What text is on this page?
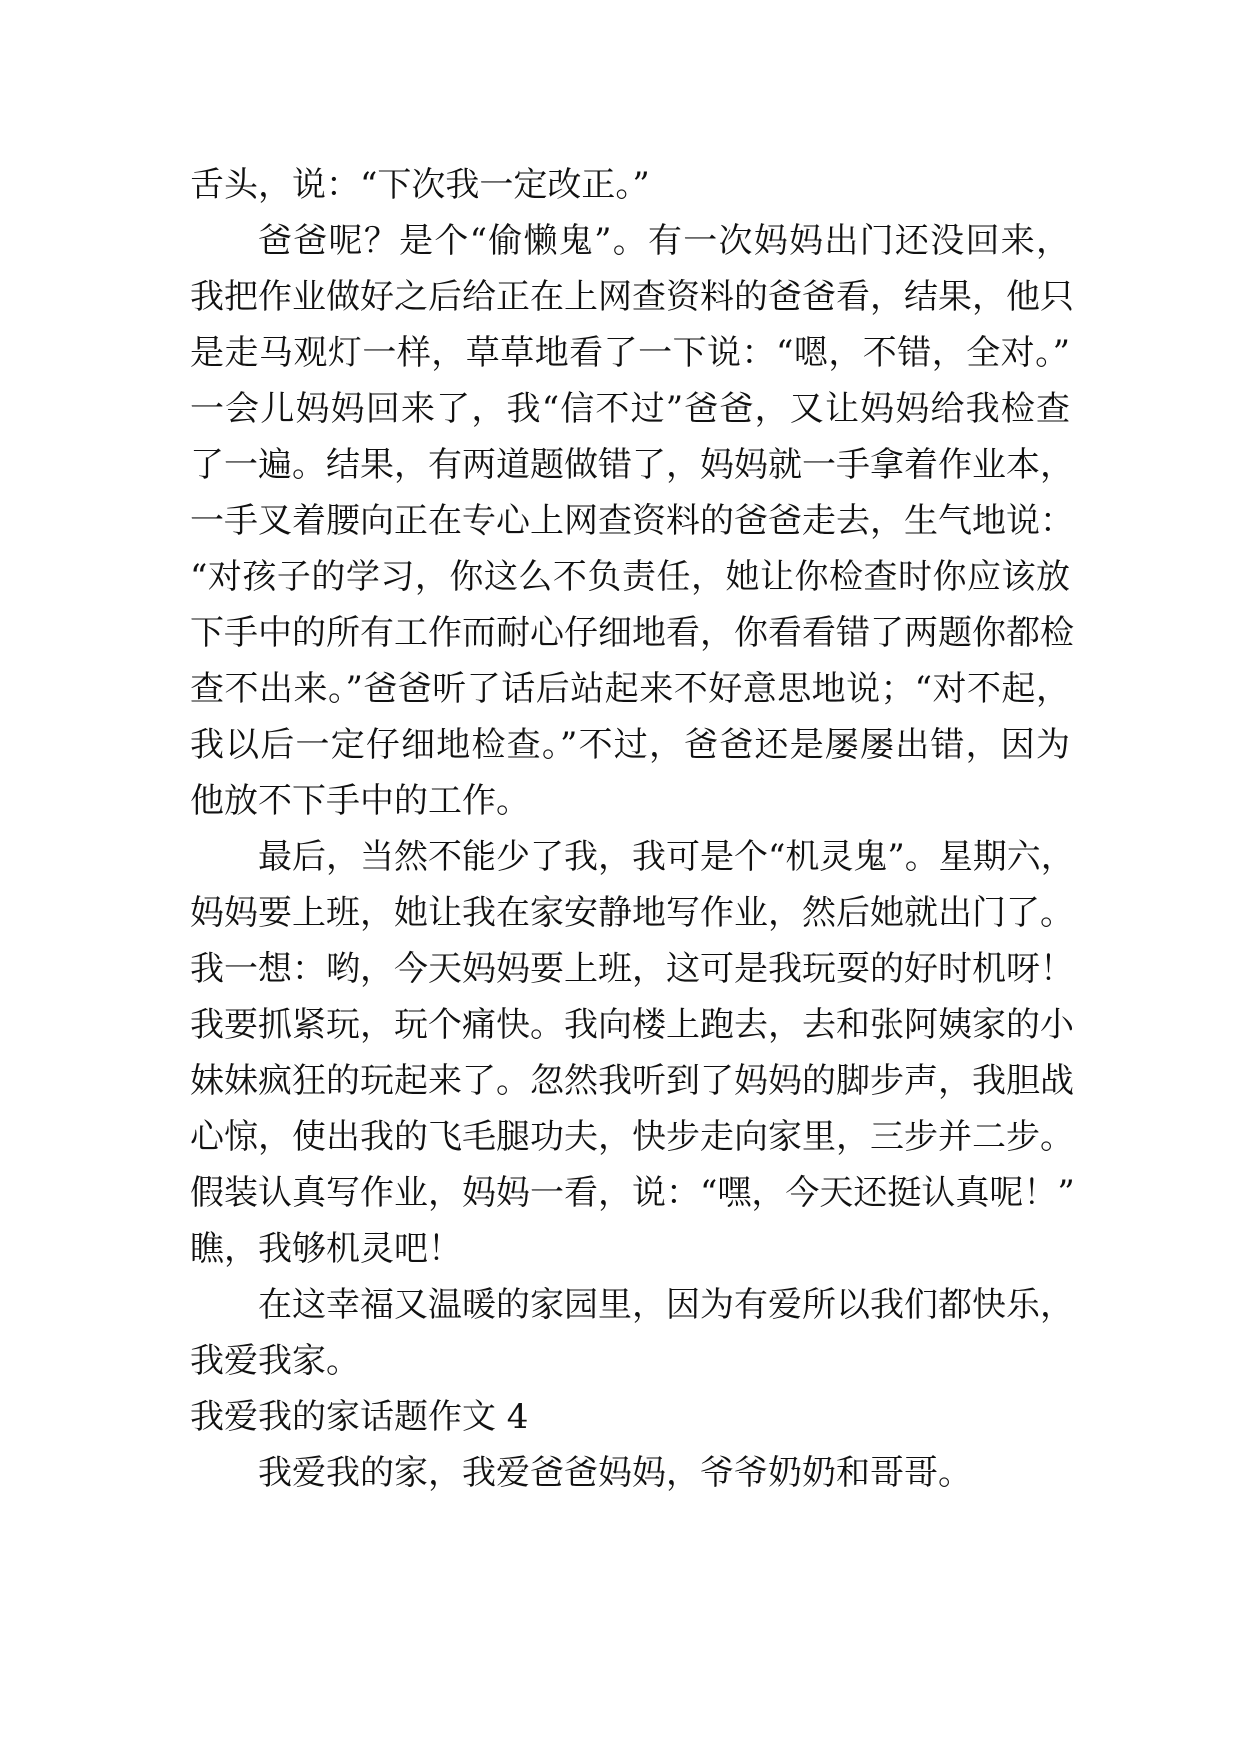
舌头，说：“下次我一定改正。”
爸爸呢？是个“偷懒鬼”。有一次妈妈出门还没回来，
我把作业做好之后给正在上网查资料的爸爸看，结果，他只
是走马观灯一样，草草地看了一下说：“嗯，不错，全对。”
一会儿妈妈回来了，我“信不过”爸爸，又让妈妈给我检查
了一遍。结果，有两道题做错了，妈妈就一手拿着作业本，
一手叉着腰向正在专心上网查资料的爸爸走去，生气地说：
“对孩子的学习，你这么不负责任，她让你检查时你应该放
下手中的所有工作而耐心仔细地看，你看看错了两题你都检
查不出来。”爸爸听了话后站起来不好意思地说；“对不起，
我以后一定仔细地检查。”不过，爸爸还是屡屡出错，因为
他放不下手中的工作。
最后，当然不能少了我，我可是个“机灵鬼”。星期六，
妈妈要上班，她让我在家安静地写作业，然后她就出门了。
我一想：哟，今天妈妈要上班，这可是我玩耍的好时机呀！
我要抓紧玩，玩个痛快。我向楼上跑去，去和张阿姨家的小
妹妹疯狂的玩起来了。忽然我听到了妈妈的脚步声，我胆战
心惊，使出我的飞毛腿功夫，快步走向家里，三步并二步。
假装认真写作业，妈妈一看，说：“嘿，今天还挺认真呢！”
瞧，我够机灵吧！
在这幸福又温暖的家园里，因为有爱所以我们都快乐，
我爱我家。
我爱我的家话题作文 4
我爱我的家，我爱爸爸妈妈，爷爷奶奶和哥哥。
